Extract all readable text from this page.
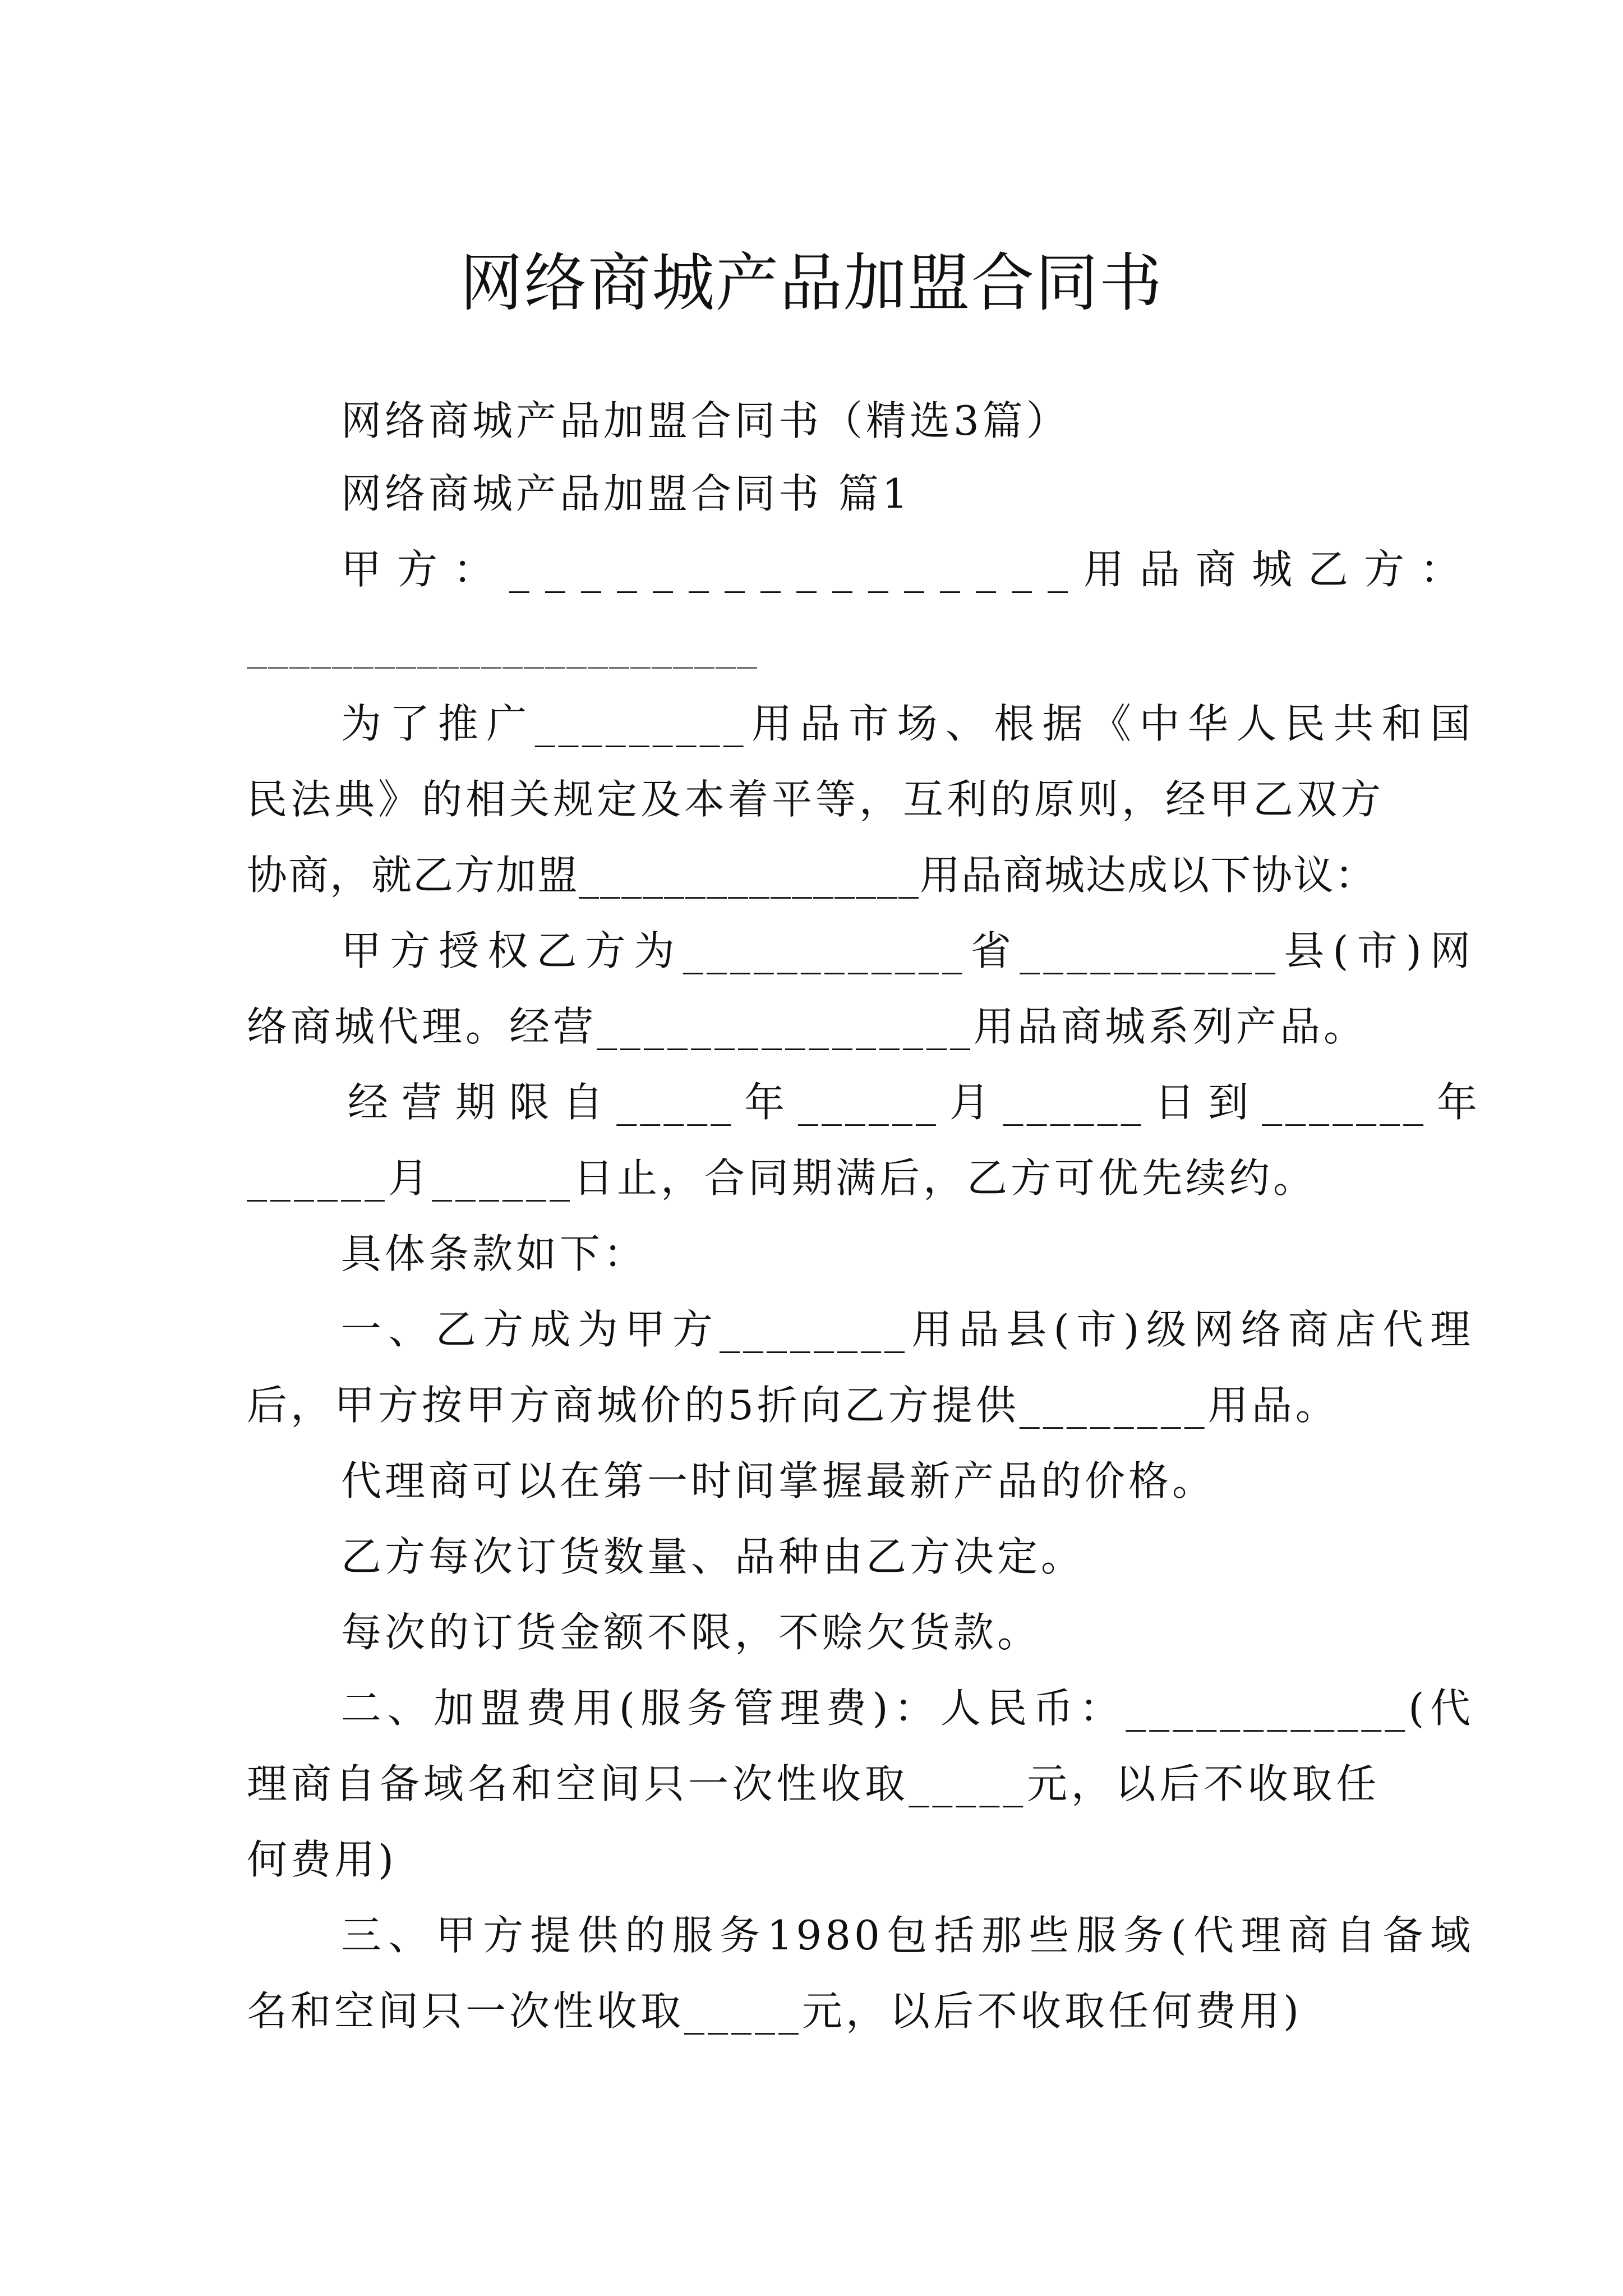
网络商城产品加盟合同书
网络商城产品加盟合同书（精选3篇）
网络商城产品加盟合同书 篇1
甲方：________________用品商城乙方：
________________________
为了推广_________用品市场、根据《中华人民共和国
民法典》的相关规定及本着平等，互利的原则，经甲乙双方
协商，就乙方加盟________________用品商城达成以下协议：
甲方授权乙方为____________省___________县(市)网
络商城代理。经营________________用品商城系列产品。
经营期限自_____年______月______日到_______年
______月______日止，合同期满后，乙方可优先续约。
具体条款如下：
一、乙方成为甲方________用品县(市)级网络商店代理
后，甲方按甲方商城价的5折向乙方提供________用品。
代理商可以在第一时间掌握最新产品的价格。
乙方每次订货数量、品种由乙方决定。
每次的订货金额不限，不赊欠货款。
二、加盟费用(服务管理费)：人民币：____________(代
理商自备域名和空间只一次性收取_____元，以后不收取任
何费用)
三、甲方提供的服务1980包括那些服务(代理商自备域
名和空间只一次性收取_____元，以后不收取任何费用)
